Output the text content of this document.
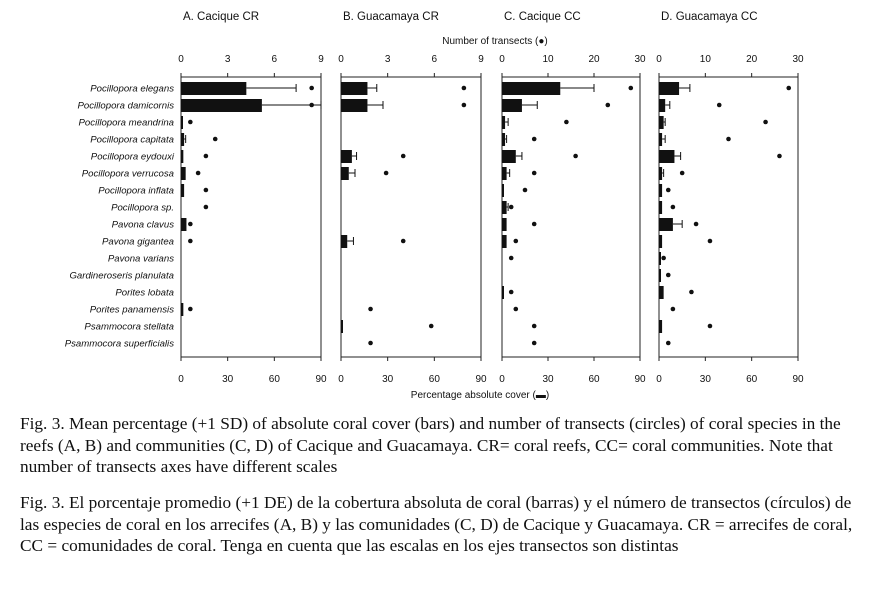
A. Cacique CR
0	30	60	90
0	3	6	9
B. Guacamaya CR
0	30	60	90
0	3	6	9
C. Cacique CC
0	30	60	90
0	10	20	30
D. Guacamaya CC
0	30	60	90
0	10	20	30
Pocillopora elegans
Pocillopora damicornis
Pocillopora meandrina
Pocillopora capitata
Pocillopora eydouxi
Pocillopora verrucosa
Pocillopora inflata
Pocillopora sp.
Pavona clavus
Pavona gigantea
Pavona varians
Gardineroseris planulata
Porites lobata
Porites panamensis
Psammocora stellata
Psammocora superficialis
Number of transects (●)
Percentage absolute cover (▬)

Fig. 3. Mean percentage (+1 SD) of absolute coral cover (bars) and number of transects (circles) of coral species in the reefs (A, B) and communities (C, D) of Cacique and Guacamaya. CR= coral reefs, CC= coral communities. Note that number of transects axes have different scales

Fig. 3. El porcentaje promedio (+1 DE) de la cobertura absoluta de coral (barras) y el número de transectos (círculos) de las especies de coral en los arrecifes (A, B) y las comunidades (C, D) de Cacique y Guacamaya. CR = arrecifes de coral, CC = comunidades de coral. Tenga en cuenta que las escalas en los ejes transectos son distintas
